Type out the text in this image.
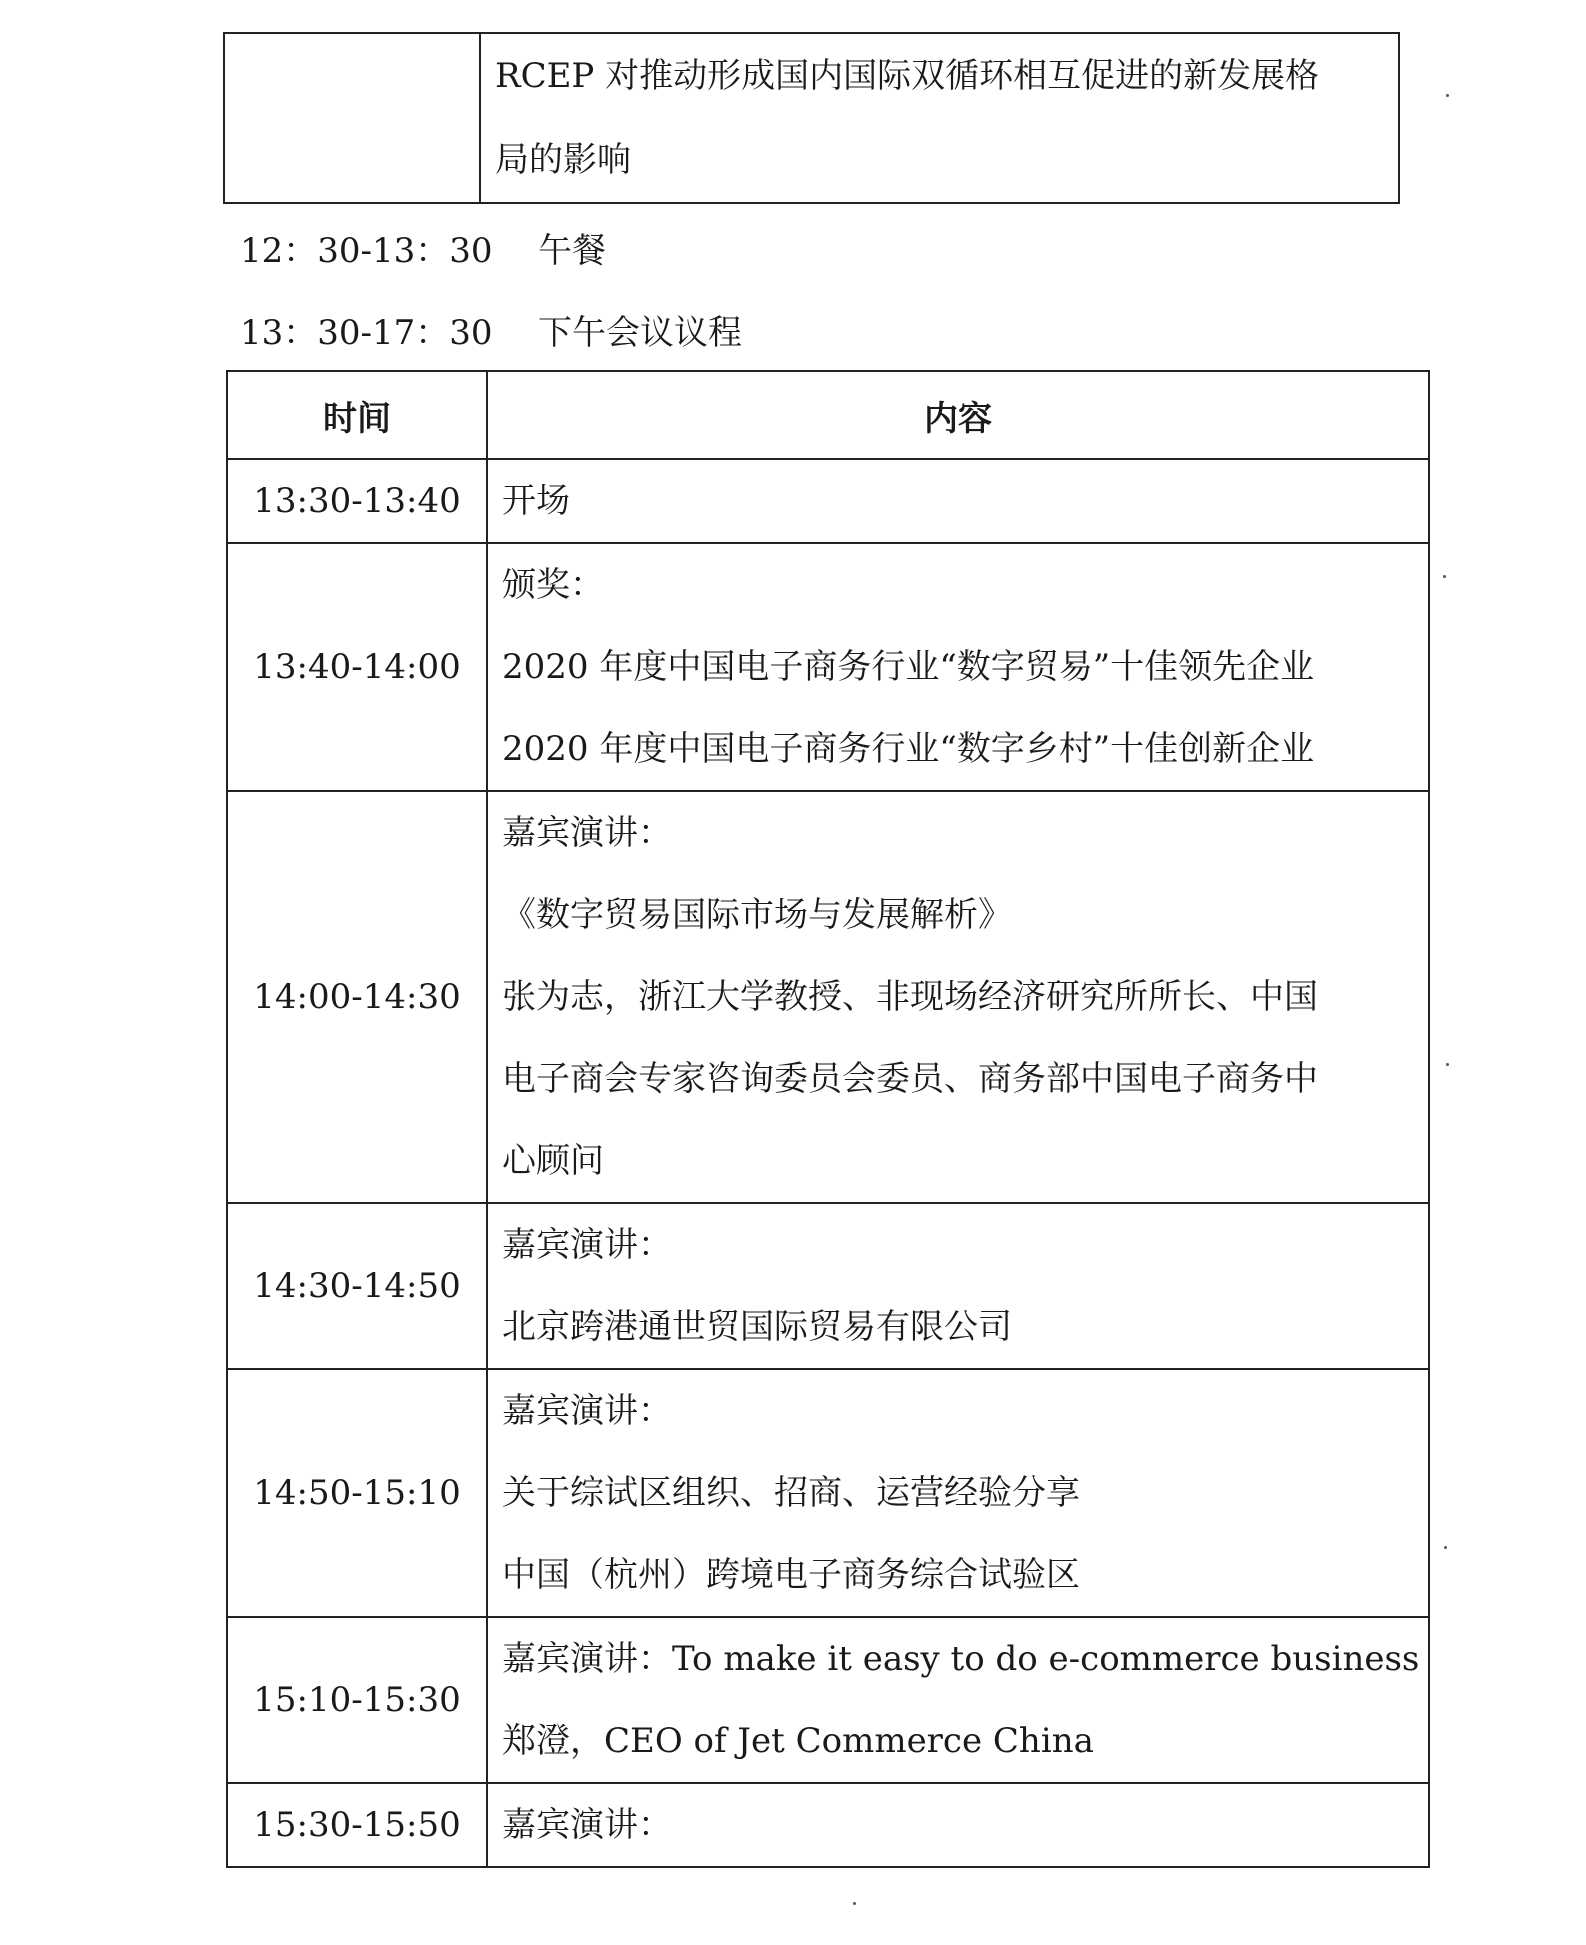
RCEP 对推动形成国内国际双循环相互促进的新发展格
局的影响
12：30-13：30 午餐
13：30-17：30 下午会议议程
时间	内容
13:30-13:40	开场

13:40-14:00	颁奖：
2020 年度中国电子商务行业“数字贸易”十佳领先企业
2020 年度中国电子商务行业“数字乡村”十佳创新企业

14:00-14:30	嘉宾演讲：
《数字贸易国际市场与发展解析》
张为志，浙江大学教授、非现场经济研究所所长、中国
电子商会专家咨询委员会委员、商务部中国电子商务中
心顾问

14:30-14:50	嘉宾演讲：
北京跨港通世贸国际贸易有限公司

14:50-15:10	嘉宾演讲：
关于综试区组织、招商、运营经验分享
中国（杭州）跨境电子商务综合试验区

15:10-15:30	嘉宾演讲：To make it easy to do e-commerce business
郑澄，CEO of Jet Commerce China

15:30-15:50	嘉宾演讲：
